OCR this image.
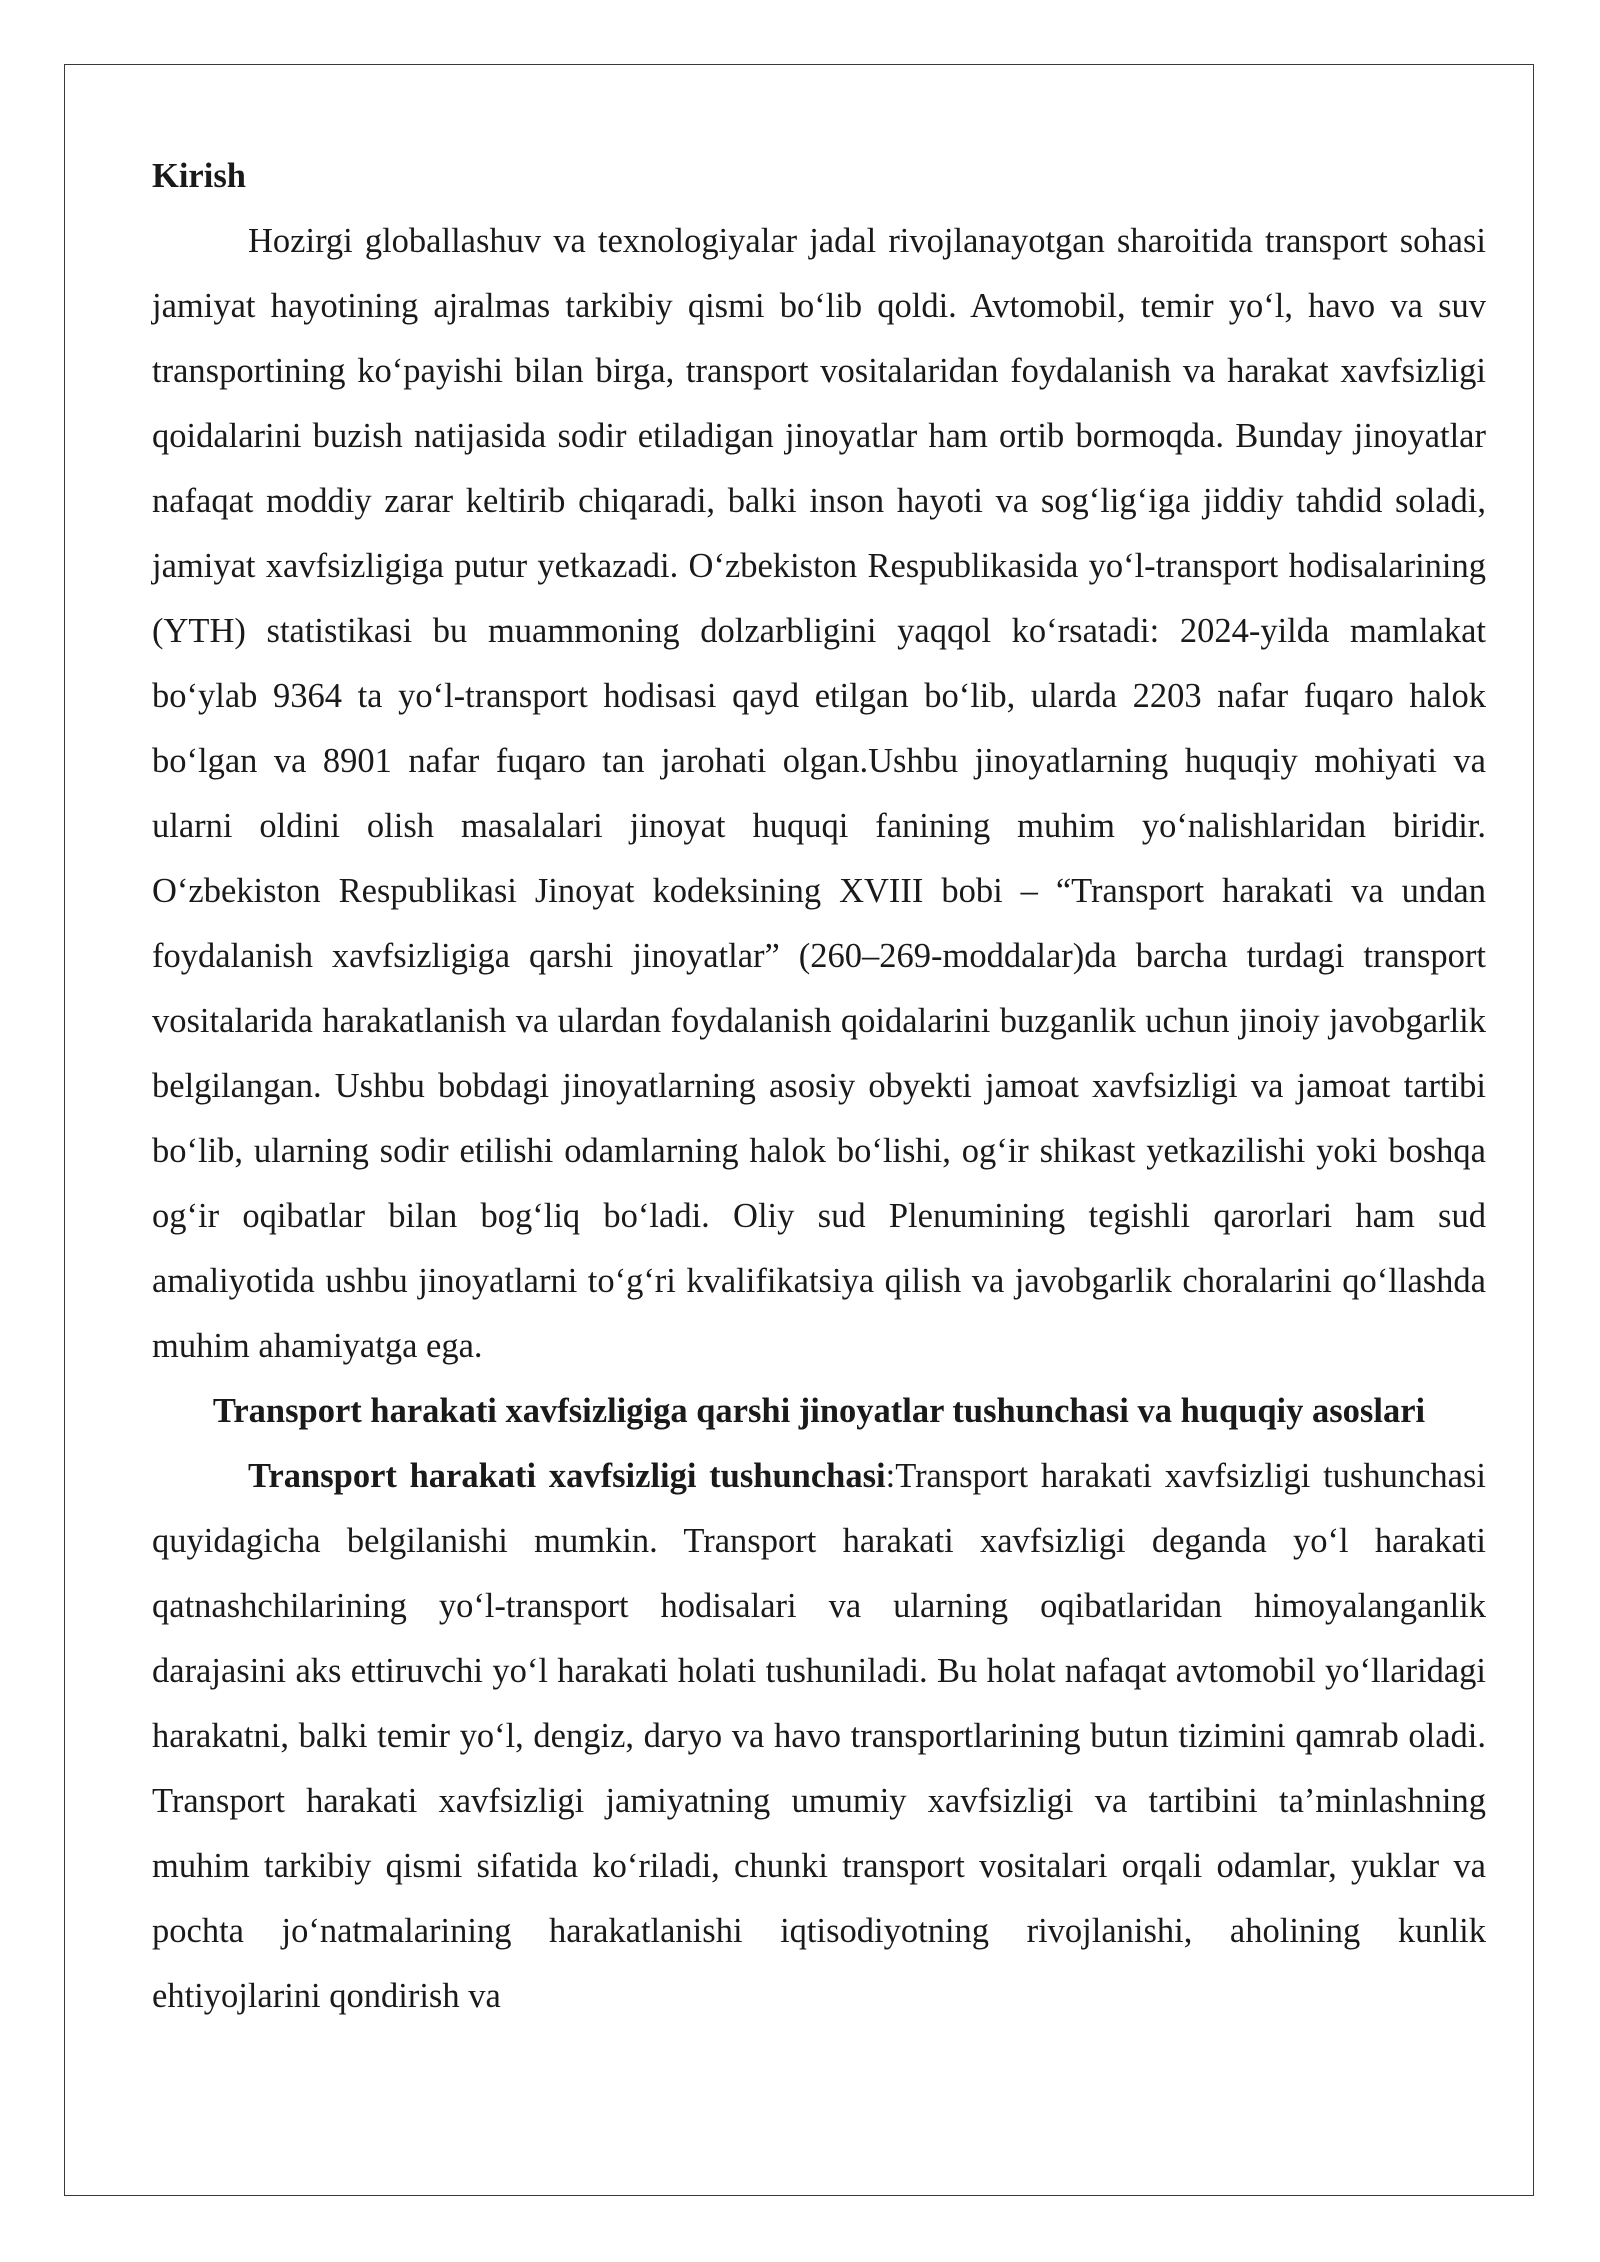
Kirish

Hozirgi globallashuv va texnologiyalar jadal rivojlanayotgan sharoitida transport sohasi jamiyat hayotining ajralmas tarkibiy qismi bo‘lib qoldi. Avtomobil, temir yo‘l, havo va suv transportining ko‘payishi bilan birga, transport vositalaridan foydalanish va harakat xavfsizligi qoidalarini buzish natijasida sodir etiladigan jinoyatlar ham ortib bormoqda. Bunday jinoyatlar nafaqat moddiy zarar keltirib chiqaradi, balki inson hayoti va sog‘lig‘iga jiddiy tahdid soladi, jamiyat xavfsizligiga putur yetkazadi. O‘zbekiston Respublikasida yo‘l-transport hodisalarining (YTH) statistikasi bu muammoning dolzarbligini yaqqol ko‘rsatadi: 2024-yilda mamlakat bo‘ylab 9364 ta yo‘l-transport hodisasi qayd etilgan bo‘lib, ularda 2203 nafar fuqaro halok bo‘lgan va 8901 nafar fuqaro tan jarohati olgan.Ushbu jinoyatlarning huquqiy mohiyati va ularni oldini olish masalalari jinoyat huquqi fanining muhim yo‘nalishlaridan biridir. O‘zbekiston Respublikasi Jinoyat kodeksining XVIII bobi – “Transport harakati va undan foydalanish xavfsizligiga qarshi jinoyatlar” (260–269-moddalar)da barcha turdagi transport vositalarida harakatlanish va ulardan foydalanish qoidalarini buzganlik uchun jinoiy javobgarlik belgilangan. Ushbu bobdagi jinoyatlarning asosiy obyekti jamoat xavfsizligi va jamoat tartibi bo‘lib, ularning sodir etilishi odamlarning halok bo‘lishi, og‘ir shikast yetkazilishi yoki boshqa og‘ir oqibatlar bilan bog‘liq bo‘ladi. Oliy sud Plenumining tegishli qarorlari ham sud amaliyotida ushbu jinoyatlarni to‘g‘ri kvalifikatsiya qilish va javobgarlik choralarini qo‘llashda muhim ahamiyatga ega.

Transport harakati xavfsizligiga qarshi jinoyatlar tushunchasi va huquqiy asoslari

Transport harakati xavfsizligi tushunchasi:Transport harakati xavfsizligi tushunchasi quyidagicha belgilanishi mumkin. Transport harakati xavfsizligi deganda yo‘l harakati qatnashchilarining yo‘l-transport hodisalari va ularning oqibatlaridan himoyalanganlik darajasini aks ettiruvchi yo‘l harakati holati tushuniladi. Bu holat nafaqat avtomobil yo‘llaridagi harakatni, balki temir yo‘l, dengiz, daryo va havo transportlarining butun tizimini qamrab oladi. Transport harakati xavfsizligi jamiyatning umumiy xavfsizligi va tartibini ta’minlashning muhim tarkibiy qismi sifatida ko‘riladi, chunki transport vositalari orqali odamlar, yuklar va pochta jo‘natmalarining harakatlanishi iqtisodiyotning rivojlanishi, aholining kunlik ehtiyojlarini qondirish va
